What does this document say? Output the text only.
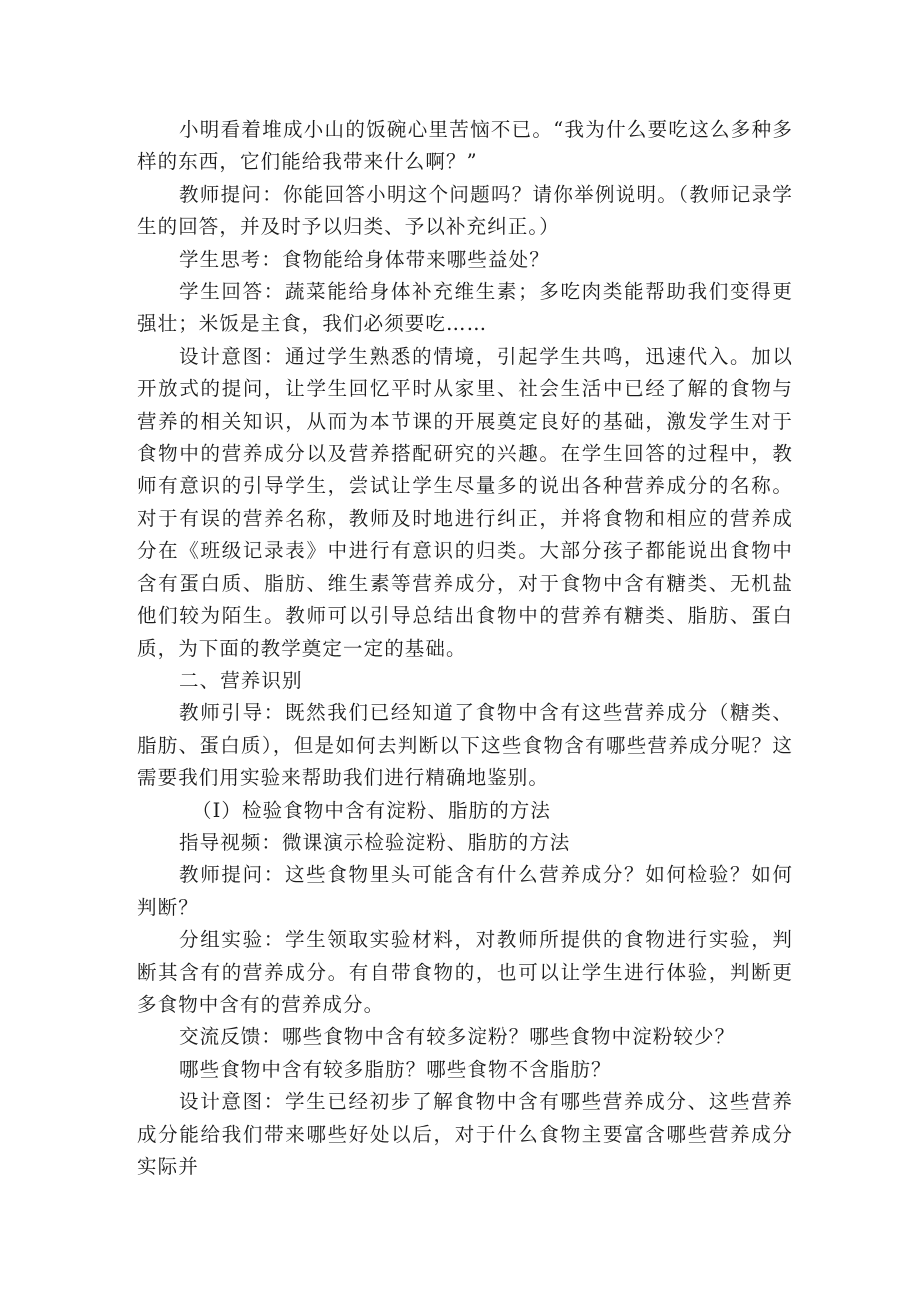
小明看着堆成小山的饭碗心里苦恼不已。“我为什么要吃这么多种多样的东西，它们能给我带来什么啊？”

教师提问：你能回答小明这个问题吗？请你举例说明。（教师记录学生的回答，并及时予以归类、予以补充纠正。）

学生思考：食物能给身体带来哪些益处？

学生回答：蔬菜能给身体补充维生素；多吃肉类能帮助我们变得更强壮；米饭是主食，我们必须要吃……

设计意图：通过学生熟悉的情境，引起学生共鸣，迅速代入。加以开放式的提问，让学生回忆平时从家里、社会生活中已经了解的食物与营养的相关知识，从而为本节课的开展奠定良好的基础，激发学生对于食物中的营养成分以及营养搭配研究的兴趣。在学生回答的过程中，教师有意识的引导学生，尝试让学生尽量多的说出各种营养成分的名称。对于有误的营养名称，教师及时地进行纠正，并将食物和相应的营养成分在《班级记录表》中进行有意识的归类。大部分孩子都能说出食物中含有蛋白质、脂肪、维生素等营养成分，对于食物中含有糖类、无机盐他们较为陌生。教师可以引导总结出食物中的营养有糖类、脂肪、蛋白质，为下面的教学奠定一定的基础。

二、营养识别

教师引导：既然我们已经知道了食物中含有这些营养成分（糖类、脂肪、蛋白质），但是如何去判断以下这些食物含有哪些营养成分呢？这需要我们用实验来帮助我们进行精确地鉴别。

（I）检验食物中含有淀粉、脂肪的方法

指导视频：微课演示检验淀粉、脂肪的方法

教师提问：这些食物里头可能含有什么营养成分？如何检验？如何判断？

分组实验：学生领取实验材料，对教师所提供的食物进行实验，判断其含有的营养成分。有自带食物的，也可以让学生进行体验，判断更多食物中含有的营养成分。

交流反馈：哪些食物中含有较多淀粉？哪些食物中淀粉较少？

哪些食物中含有较多脂肪？哪些食物不含脂肪？

设计意图：学生已经初步了解食物中含有哪些营养成分、这些营养成分能给我们带来哪些好处以后，对于什么食物主要富含哪些营养成分实际并
